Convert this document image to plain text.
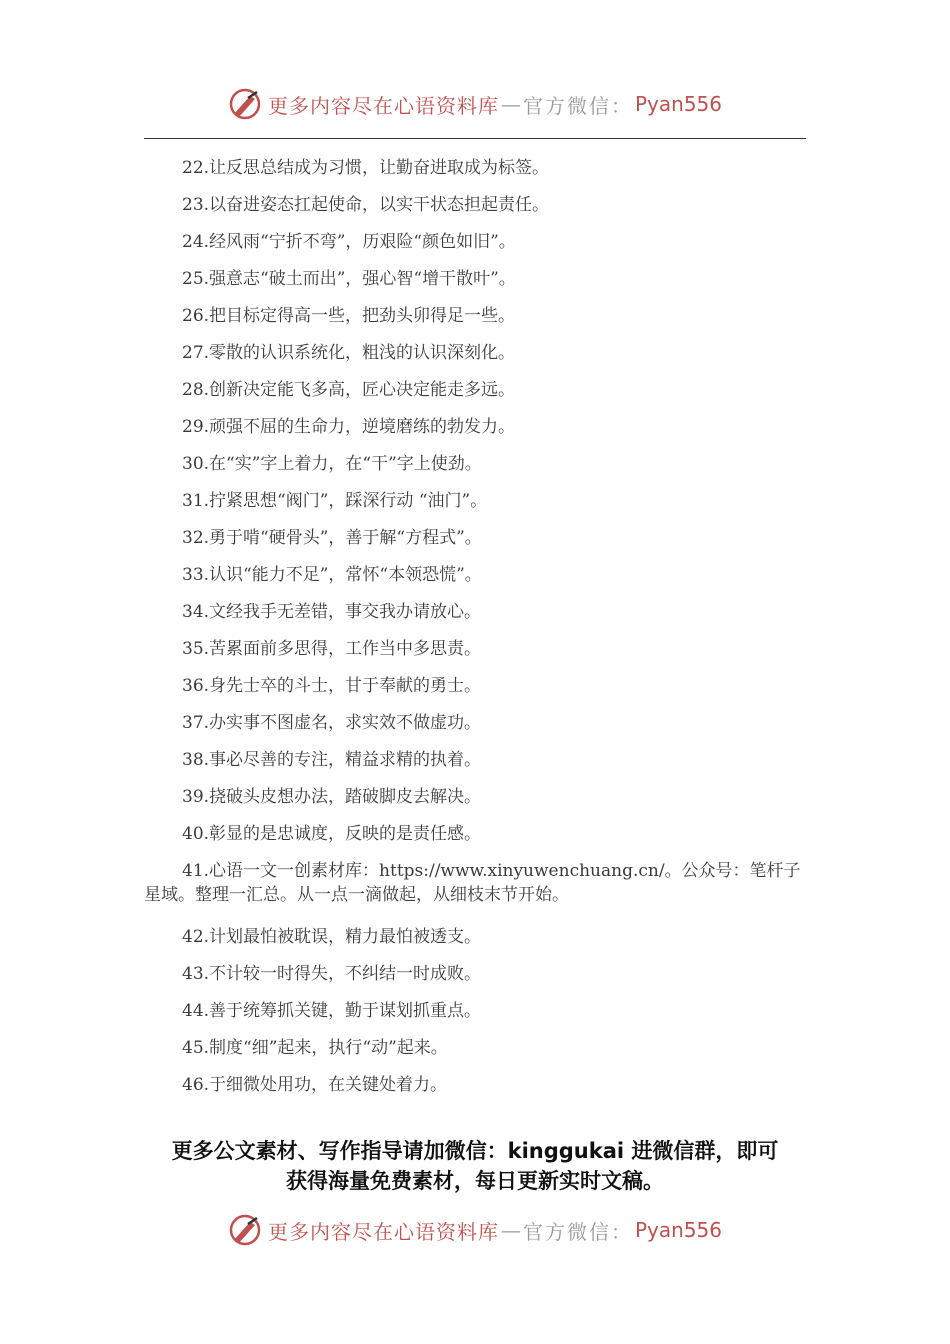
更多内容尽在心语资料库 — 官方微信： Pyan556
22.让反思总结成为习惯，让勤奋进取成为标签。
23.以奋进姿态扛起使命，以实干状态担起责任。
24.经风雨“宁折不弯”，历艰险“颜色如旧”。
25.强意志“破土而出”，强心智“增干散叶”。
26.把目标定得高一些，把劲头卯得足一些。
27.零散的认识系统化，粗浅的认识深刻化。
28.创新决定能飞多高，匠心决定能走多远。
29.顽强不屈的生命力，逆境磨练的勃发力。
30.在“实”字上着力，在“干”字上使劲。
31.拧紧思想“阀门”，踩深行动 “油门”。
32.勇于啃“硬骨头”，善于解“方程式”。
33.认识“能力不足”，常怀“本领恐慌”。
34.文经我手无差错，事交我办请放心。
35.苦累面前多思得，工作当中多思责。
36.身先士卒的斗士，甘于奉献的勇士。
37.办实事不图虚名，求实效不做虚功。
38.事必尽善的专注，精益求精的执着。
39.挠破头皮想办法，踏破脚皮去解决。
40.彰显的是忠诚度，反映的是责任感。
41.心语一文一创素材库：https://www.xinyuwenchuang.cn/。公众号：笔杆子星域。整理一汇总。从一点一滴做起，从细枝末节开始。
42.计划最怕被耽误，精力最怕被透支。
43.不计较一时得失，不纠结一时成败。
44.善于统筹抓关键，勤于谋划抓重点。
45.制度“细”起来，执行“动”起来。
46.于细微处用功，在关键处着力。
更多公文素材、写作指导请加微信：kinggukai 进微信群，即可
获得海量免费素材，每日更新实时文稿。
更多内容尽在心语资料库 — 官方微信： Pyan556
